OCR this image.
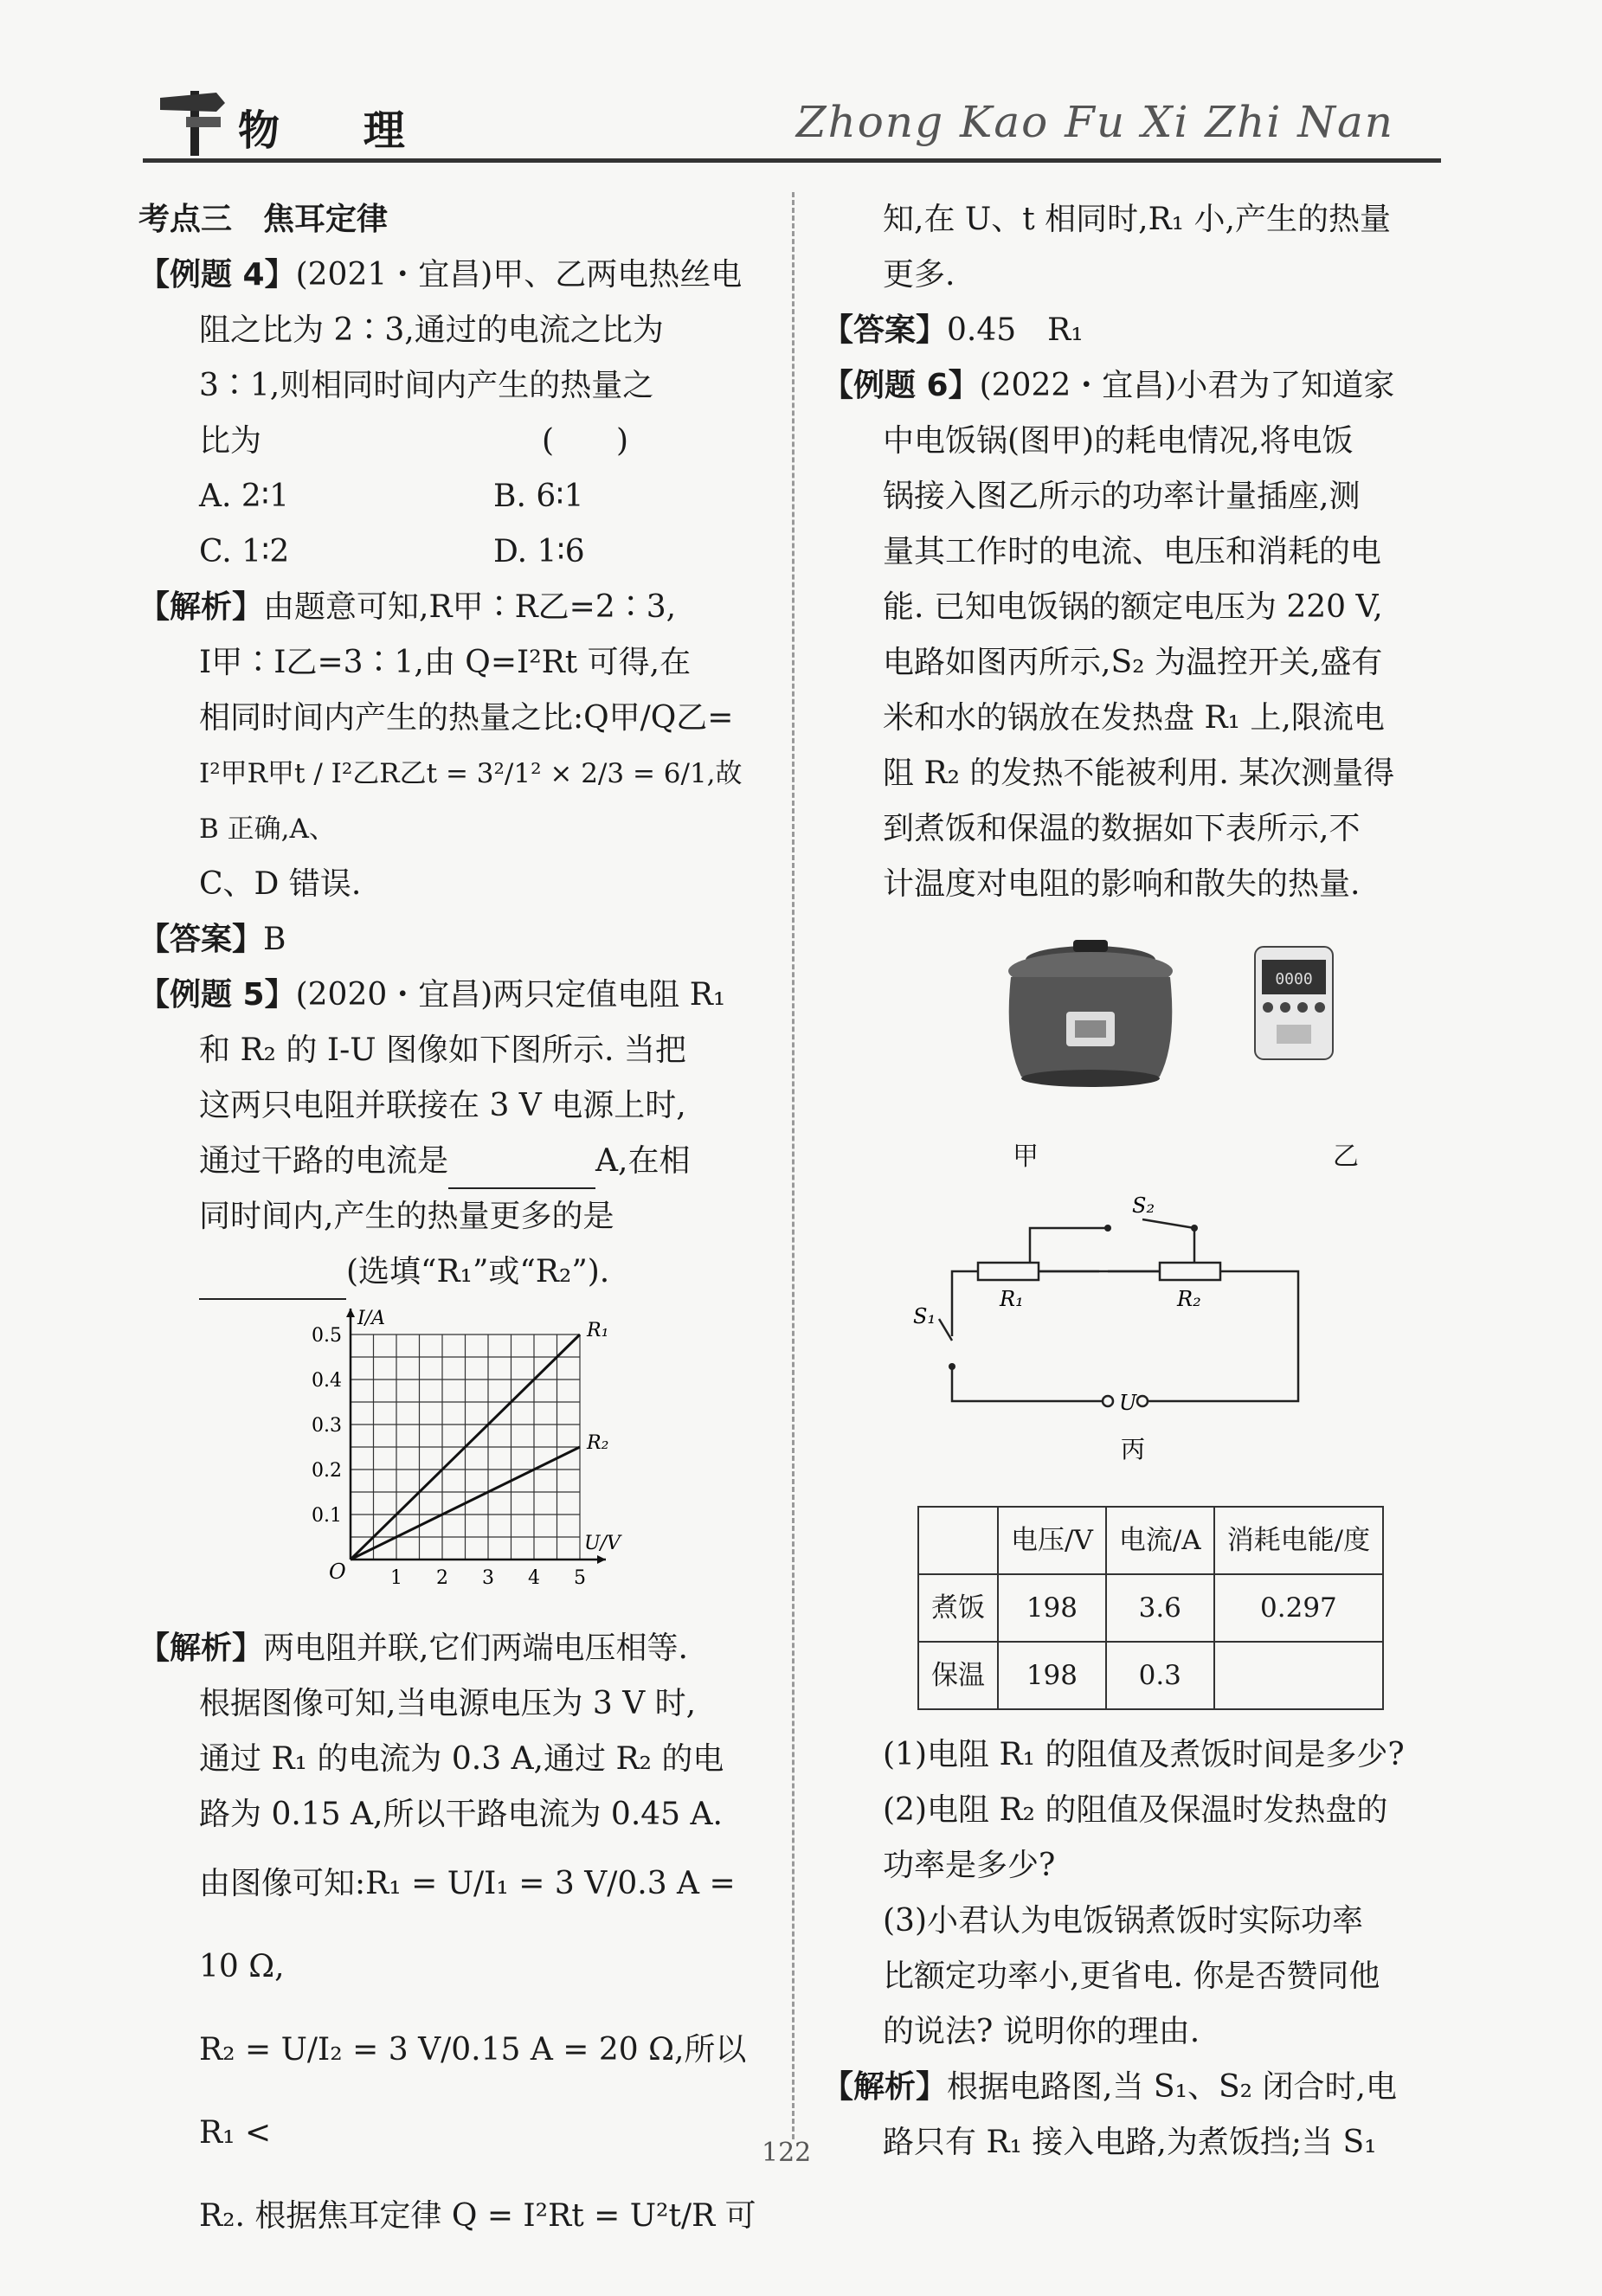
物 理	Zhong Kao Fu Xi Zhi Nan

考点三　焦耳定律

【例题 4】(2021・宜昌)甲、乙两电热丝电

阻之比为 2∶3,通过的电流之比为

3∶1,则相同时间内产生的热量之

比为　　　　　　　　　(　　)

A. 2∶1	B. 6∶1
C. 1∶2	D. 1∶6

【解析】由题意可知,R甲∶R乙=2∶3,

I甲∶I乙=3∶1,由 Q=I²Rt 可得,在

相同时间内产生的热量之比:Q甲/Q乙=

I²甲R甲t / I²乙R乙t = 3²/1² × 2/3 = 6/1,故 B 正确,A、

C、D 错误.

【答案】B

【例题 5】(2020・宜昌)两只定值电阻 R₁

和 R₂ 的 I-U 图像如下图所示. 当把

这两只电阻并联接在 3 V 电源上时,

通过干路的电流是	A,在相

同时间内,产生的热量更多的是

(选填“R₁”或“R₂”).

1 2 3 4 5
0.1
0.2
0.3
0.4
0.5
O
U/V
I/A
R₁
R₂

【解析】两电阻并联,它们两端电压相等.

根据图像可知,当电源电压为 3 V 时,

通过 R₁ 的电流为 0.3 A,通过 R₂ 的电

路为 0.15 A,所以干路电流为 0.45 A.

由图像可知:R₁ = U/I₁ = 3 V/0.3 A = 10 Ω,

R₂ = U/I₂ = 3 V/0.15 A = 20 Ω,所以 R₁ <

R₂. 根据焦耳定律 Q = I²Rt = U²t/R 可

知,在 U、t 相同时,R₁ 小,产生的热量

更多.

【答案】0.45　R₁

【例题 6】(2022・宜昌)小君为了知道家

中电饭锅(图甲)的耗电情况,将电饭

锅接入图乙所示的功率计量插座,测

量其工作时的电流、电压和消耗的电

能. 已知电饭锅的额定电压为 220 V,

电路如图丙所示,S₂ 为温控开关,盛有

米和水的锅放在发热盘 R₁ 上,限流电

阻 R₂ 的发热不能被利用. 某次测量得

到煮饭和保温的数据如下表所示,不

计温度对电阻的影响和散失的热量.

0000
甲	乙
S₂
R₁	R₂
S₁
U
丙
	电压/V	电流/A	消耗电能/度
煮饭	198	3.6	0.297
保温	198	0.3	

(1)电阻 R₁ 的阻值及煮饭时间是多少?

(2)电阻 R₂ 的阻值及保温时发热盘的

功率是多少?

(3)小君认为电饭锅煮饭时实际功率

比额定功率小,更省电. 你是否赞同他

的说法? 说明你的理由.

【解析】根据电路图,当 S₁、S₂ 闭合时,电

路只有 R₁ 接入电路,为煮饭挡;当 S₁

122
